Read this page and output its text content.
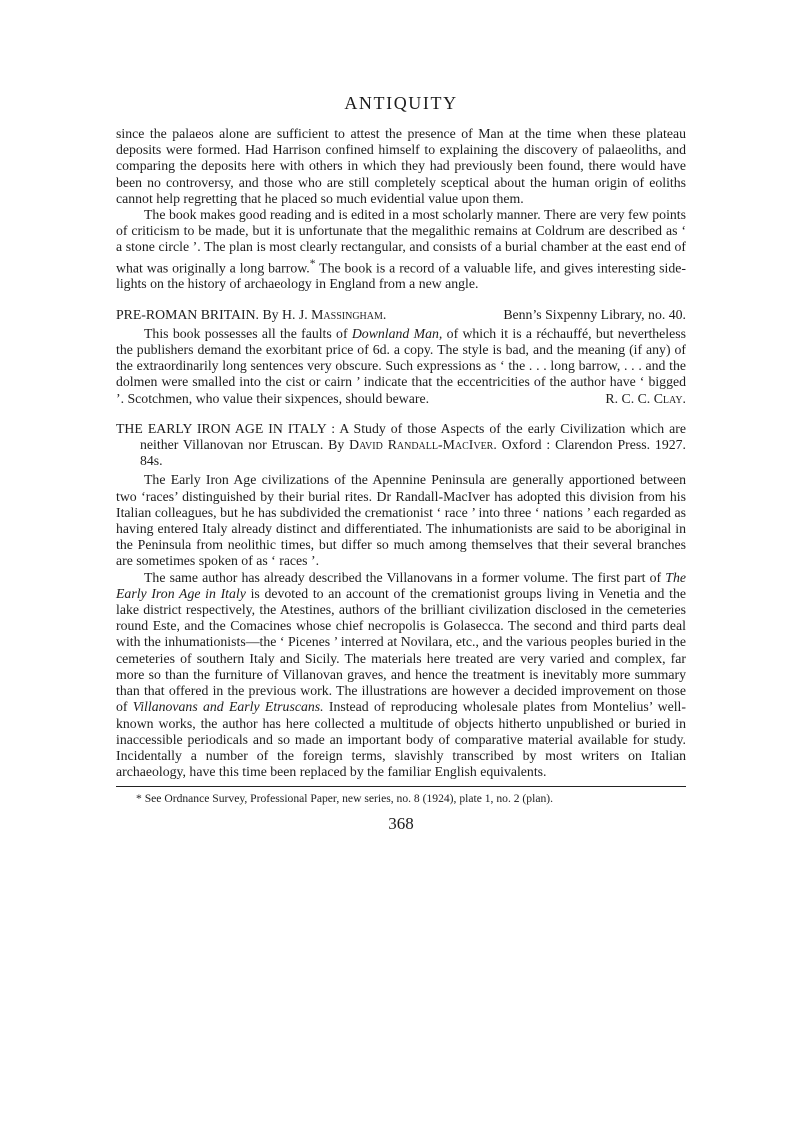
ANTIQUITY

since the palaeos alone are sufficient to attest the presence of Man at the time when these plateau deposits were formed. Had Harrison confined himself to explaining the discovery of palaeoliths, and comparing the deposits here with others in which they had previously been found, there would have been no controversy, and those who are still completely sceptical about the human origin of eoliths cannot help regretting that he placed so much evidential value upon them.

The book makes good reading and is edited in a most scholarly manner. There are very few points of criticism to be made, but it is unfortunate that the megalithic remains at Coldrum are described as ‘ a stone circle ’. The plan is most clearly rectangular, and consists of a burial chamber at the east end of what was originally a long barrow.* The book is a record of a valuable life, and gives interesting side-lights on the history of archaeology in England from a new angle.

PRE-ROMAN BRITAIN. By H. J. Massingham.	Benn’s Sixpenny Library, no. 40.

This book possesses all the faults of Downland Man, of which it is a réchauffé, but nevertheless the publishers demand the exorbitant price of 6d. a copy. The style is bad, and the meaning (if any) of the extraordinarily long sentences very obscure. Such expressions as ‘ the . . . long barrow, . . . and the dolmen were smalled into the cist or cairn ’ indicate that the eccentricities of the author have ‘ bigged ’. Scotchmen, who value their sixpences, should beware.	R. C. C. Clay.

THE EARLY IRON AGE IN ITALY : A Study of those Aspects of the early Civilization which are neither Villanovan nor Etruscan. By David Randall-MacIver. Oxford : Clarendon Press. 1927. 84s.

The Early Iron Age civilizations of the Apennine Peninsula are generally apportioned between two ‘races’ distinguished by their burial rites. Dr Randall-MacIver has adopted this division from his Italian colleagues, but he has subdivided the cremationist ‘ race ’ into three ‘ nations ’ each regarded as having entered Italy already distinct and differentiated. The inhumationists are said to be aboriginal in the Peninsula from neolithic times, but differ so much among themselves that their several branches are sometimes spoken of as ‘ races ’.

The same author has already described the Villanovans in a former volume. The first part of The Early Iron Age in Italy is devoted to an account of the cremationist groups living in Venetia and the lake district respectively, the Atestines, authors of the brilliant civilization disclosed in the cemeteries round Este, and the Comacines whose chief necropolis is Golasecca. The second and third parts deal with the inhumationists—the ‘ Picenes ’ interred at Novilara, etc., and the various peoples buried in the cemeteries of southern Italy and Sicily. The materials here treated are very varied and complex, far more so than the furniture of Villanovan graves, and hence the treatment is inevitably more summary than that offered in the previous work. The illustrations are however a decided improvement on those of Villanovans and Early Etruscans. Instead of reproducing wholesale plates from Montelius’ well-known works, the author has here collected a multitude of objects hitherto unpublished or buried in inaccessible periodicals and so made an important body of comparative material available for study. Incidentally a number of the foreign terms, slavishly transcribed by most writers on Italian archaeology, have this time been replaced by the familiar English equivalents.

* See Ordnance Survey, Professional Paper, new series, no. 8 (1924), plate 1, no. 2 (plan).
368
